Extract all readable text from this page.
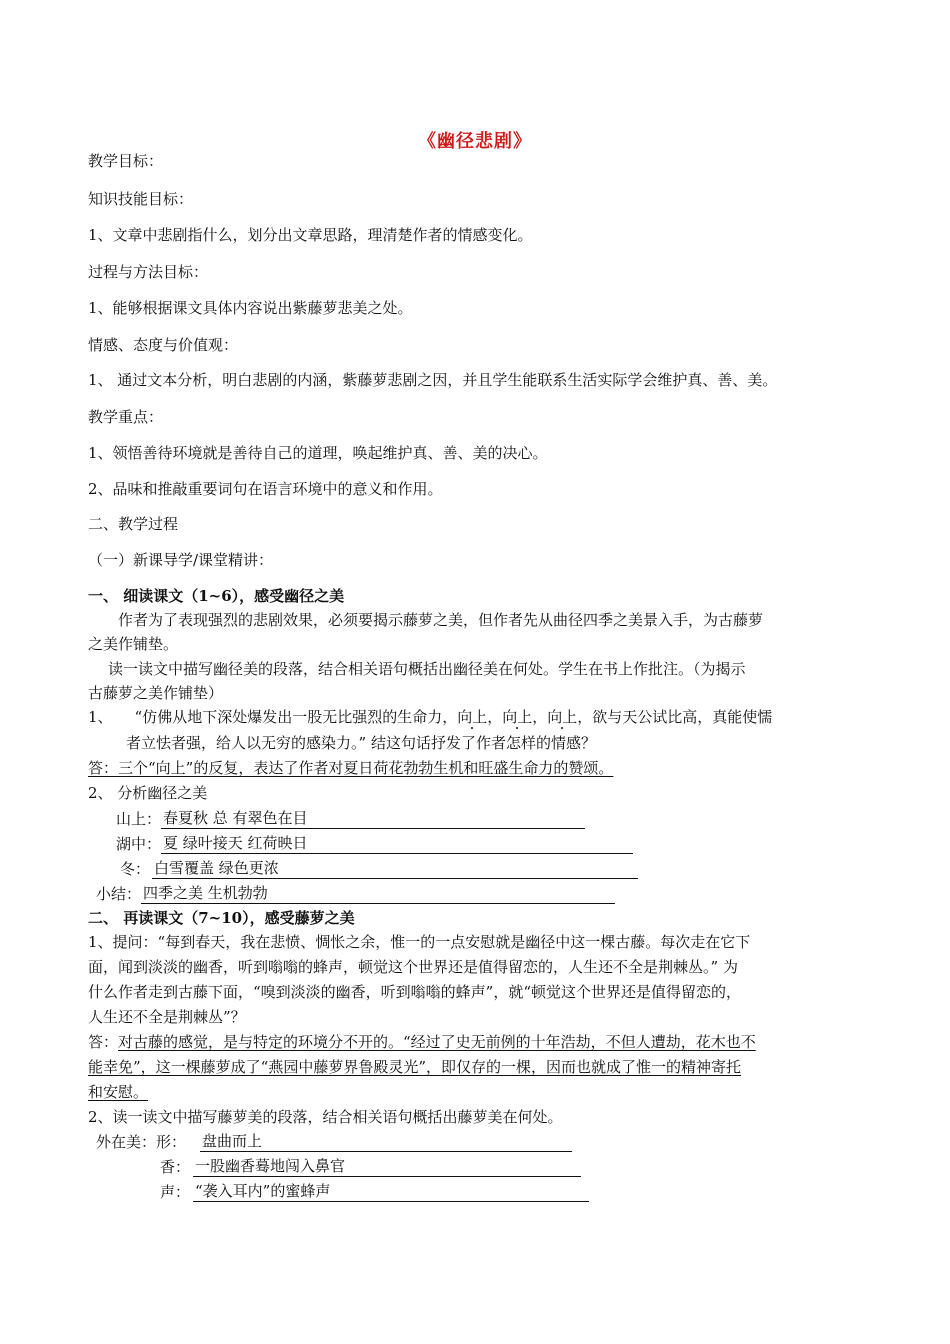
《幽径悲剧》
教学目标：
知识技能目标：
1、文章中悲剧指什么，划分出文章思路，理清楚作者的情感变化。
过程与方法目标：
1、能够根据课文具体内容说出紫藤萝悲美之处。
情感、态度与价值观：
1、 通过文本分析，明白悲剧的内涵，紫藤萝悲剧之因，并且学生能联系生活实际学会维护真、善、美。
教学重点：
1、领悟善待环境就是善待自己的道理，唤起维护真、善、美的决心。
2、品味和推敲重要词句在语言环境中的意义和作用。
二、教学过程
（一）新课导学/课堂精讲：
一、 细读课文（1~6），感受幽径之美
作者为了表现强烈的悲剧效果，必须要揭示藤萝之美，但作者先从曲径四季之美景入手，为古藤萝
之美作铺垫。
读一读文中描写幽径美的段落，结合相关语句概括出幽径美在何处。学生在书上作批注。（为揭示
古藤萝之美作铺垫）
1、 “仿佛从地下深处爆发出一股无比强烈的生命力，向上，向上，向上，欲与天公试比高，真能使懦
者立怯者强，给人以无穷的感染力。” 结这句话抒发了作者怎样的情感？
答：三个“向上”的反复，表达了作者对夏日荷花勃勃生机和旺盛生命力的赞颂。
2、 分析幽径之美
山上： 春夏秋 总 有翠色在目
湖中： 夏 绿叶接天 红荷映日
冬： 白雪覆盖 绿色更浓
小结： 四季之美 生机勃勃
二、 再读课文（7~10），感受藤萝之美
1、提问：“每到春天，我在悲愤、惆怅之余，惟一的一点安慰就是幽径中这一棵古藤。每次走在它下
面，闻到淡淡的幽香，听到嗡嗡的蜂声，顿觉这个世界还是值得留恋的，人生还不全是荆棘丛。” 为
什么作者走到古藤下面，“嗅到淡淡的幽香，听到嗡嗡的蜂声”，就“顿觉这个世界还是值得留恋的，
人生还不全是荆棘丛”？
答：对古藤的感觉，是与特定的环境分不开的。“经过了史无前例的十年浩劫，不但人遭劫，花木也不
能幸免”，这一棵藤萝成了“燕园中藤萝界鲁殿灵光”，即仅存的一棵，因而也就成了惟一的精神寄托
和安慰。
2、读一读文中描写藤萝美的段落，结合相关语句概括出藤萝美在何处。
外在美：形： 盘曲而上
香： 一股幽香蓦地闯入鼻官
声： “袭入耳内”的蜜蜂声
